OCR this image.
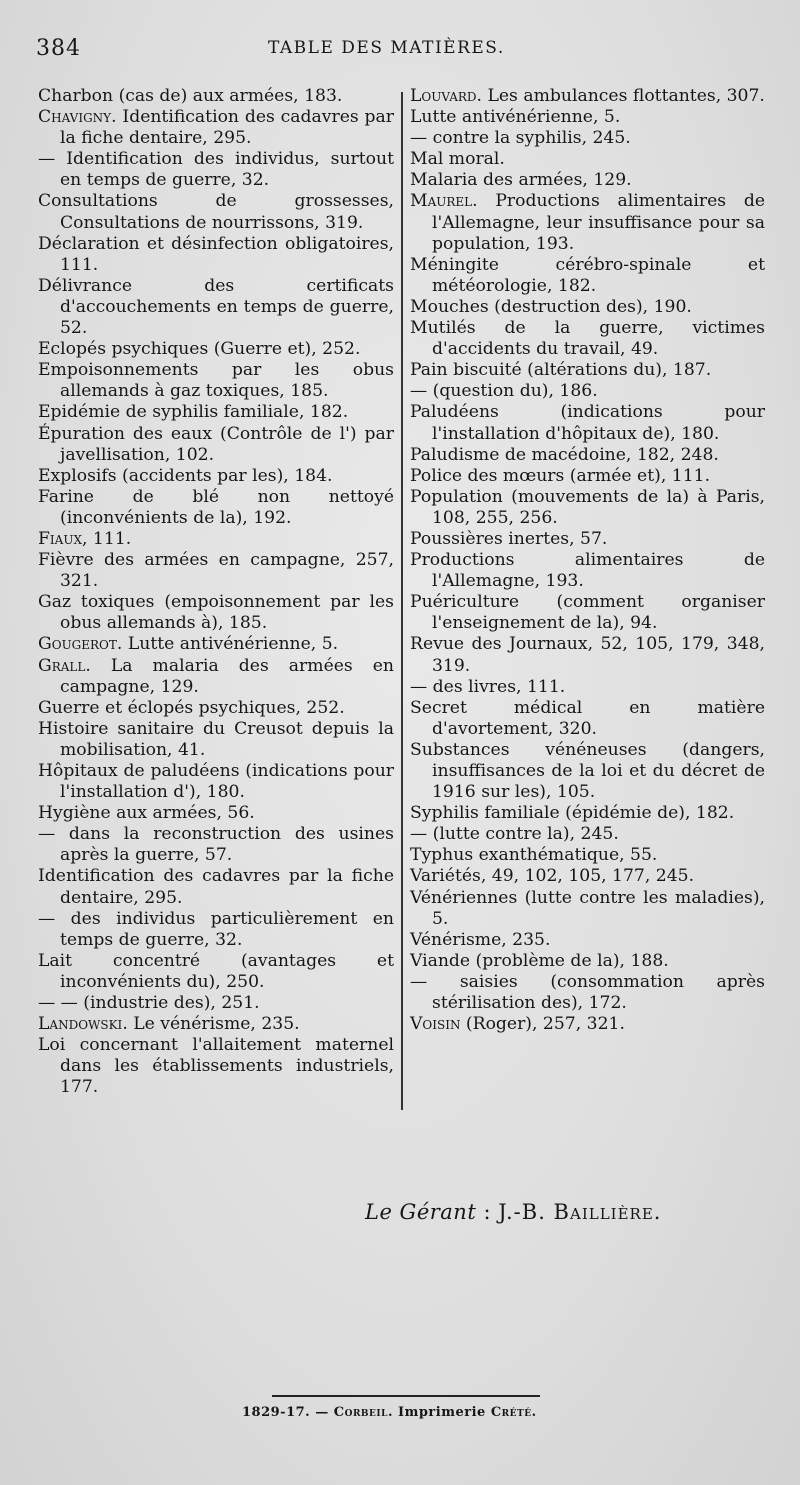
384	TABLE DES MATIÈRES.
Charbon (cas de) aux armées, 183.
Chavigny. Identification des cadavres par la fiche dentaire, 295.
— Identification des individus, surtout en temps de guerre, 32.
Consultations de grossesses, Consultations de nourrissons, 319.
Déclaration et désinfection obligatoires, 111.
Délivrance des certificats d'accouchements en temps de guerre, 52.
Eclopés psychiques (Guerre et), 252.
Empoisonnements par les obus allemands à gaz toxiques, 185.
Epidémie de syphilis familiale, 182.
Épuration des eaux (Contrôle de l') par javellisation, 102.
Explosifs (accidents par les), 184.
Farine de blé non nettoyé (inconvénients de la), 192.
Fiaux, 111.
Fièvre des armées en campagne, 257, 321.
Gaz toxiques (empoisonnement par les obus allemands à), 185.
Gougerot. Lutte antivénérienne, 5.
Grall. La malaria des armées en campagne, 129.
Guerre et éclopés psychiques, 252.
Histoire sanitaire du Creusot depuis la mobilisation, 41.
Hôpitaux de paludéens (indications pour l'installation d'), 180.
Hygiène aux armées, 56.
— dans la reconstruction des usines après la guerre, 57.
Identification des cadavres par la fiche dentaire, 295.
— des individus particulièrement en temps de guerre, 32.
Lait concentré (avantages et inconvénients du), 250.
— — (industrie des), 251.
Landowski. Le vénérisme, 235.
Loi concernant l'allaitement maternel dans les établissements industriels, 177.
Louvard. Les ambulances flottantes, 307.
Lutte antivénérienne, 5.
— contre la syphilis, 245.
Mal moral.
Malaria des armées, 129.
Maurel. Productions alimentaires de l'Allemagne, leur insuffisance pour sa population, 193.
Méningite cérébro-spinale et météorologie, 182.
Mouches (destruction des), 190.
Mutilés de la guerre, victimes d'accidents du travail, 49.
Pain biscuité (altérations du), 187.
— (question du), 186.
Paludéens (indications pour l'installation d'hôpitaux de), 180.
Paludisme de macédoine, 182, 248.
Police des mœurs (armée et), 111.
Population (mouvements de la) à Paris, 108, 255, 256.
Poussières inertes, 57.
Productions alimentaires de l'Allemagne, 193.
Puériculture (comment organiser l'enseignement de la), 94.
Revue des Journaux, 52, 105, 179, 348, 319.
— des livres, 111.
Secret médical en matière d'avortement, 320.
Substances vénéneuses (dangers, insuffisances de la loi et du décret de 1916 sur les), 105.
Syphilis familiale (épidémie de), 182.
— (lutte contre la), 245.
Typhus exanthématique, 55.
Variétés, 49, 102, 105, 177, 245.
Vénériennes (lutte contre les maladies), 5.
Vénérisme, 235.
Viande (problème de la), 188.
— saisies (consommation après stérilisation des), 172.
Voisin (Roger), 257, 321.
Le Gérant : J.-B. Baillière.
1829-17. — Corbeil. Imprimerie Crété.
